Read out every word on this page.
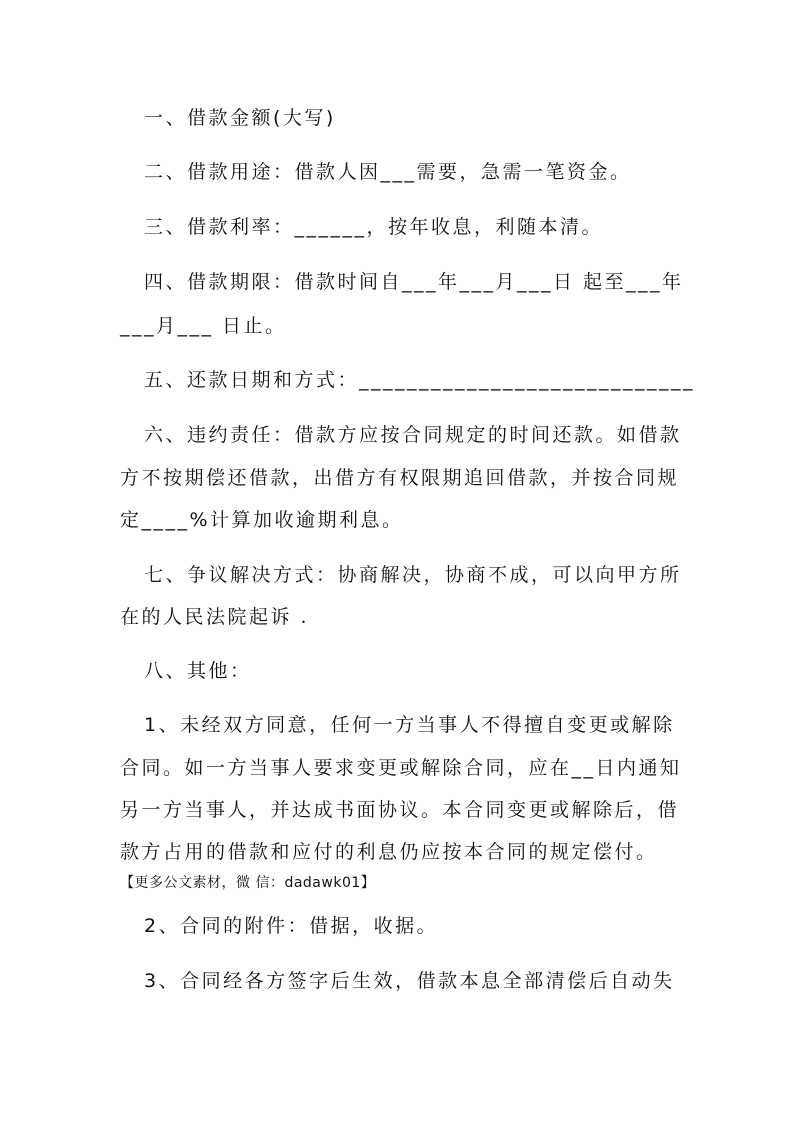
一、借款金额(大写)
二、借款用途：借款人因___需要，急需一笔资金。
三、借款利率：______，按年收息，利随本清。
四、借款期限：借款时间自___年___月___日 起至___年
___月___ 日止。
五、还款日期和方式：____________________________
六、违约责任：借款方应按合同规定的时间还款。如借款
方不按期偿还借款，出借方有权限期追回借款，并按合同规
定____%计算加收逾期利息。
七、争议解决方式：协商解决，协商不成，可以向甲方所
在的人民法院起诉 .
八、其他：
1、未经双方同意，任何一方当事人不得擅自变更或解除
合同。如一方当事人要求变更或解除合同，应在__日内通知
另一方当事人，并达成书面协议。本合同变更或解除后，借
款方占用的借款和应付的利息仍应按本合同的规定偿付。
【更多公文素材，微 信：dadawk01】
2、合同的附件：借据，收据。
3、合同经各方签字后生效，借款本息全部清偿后自动失
